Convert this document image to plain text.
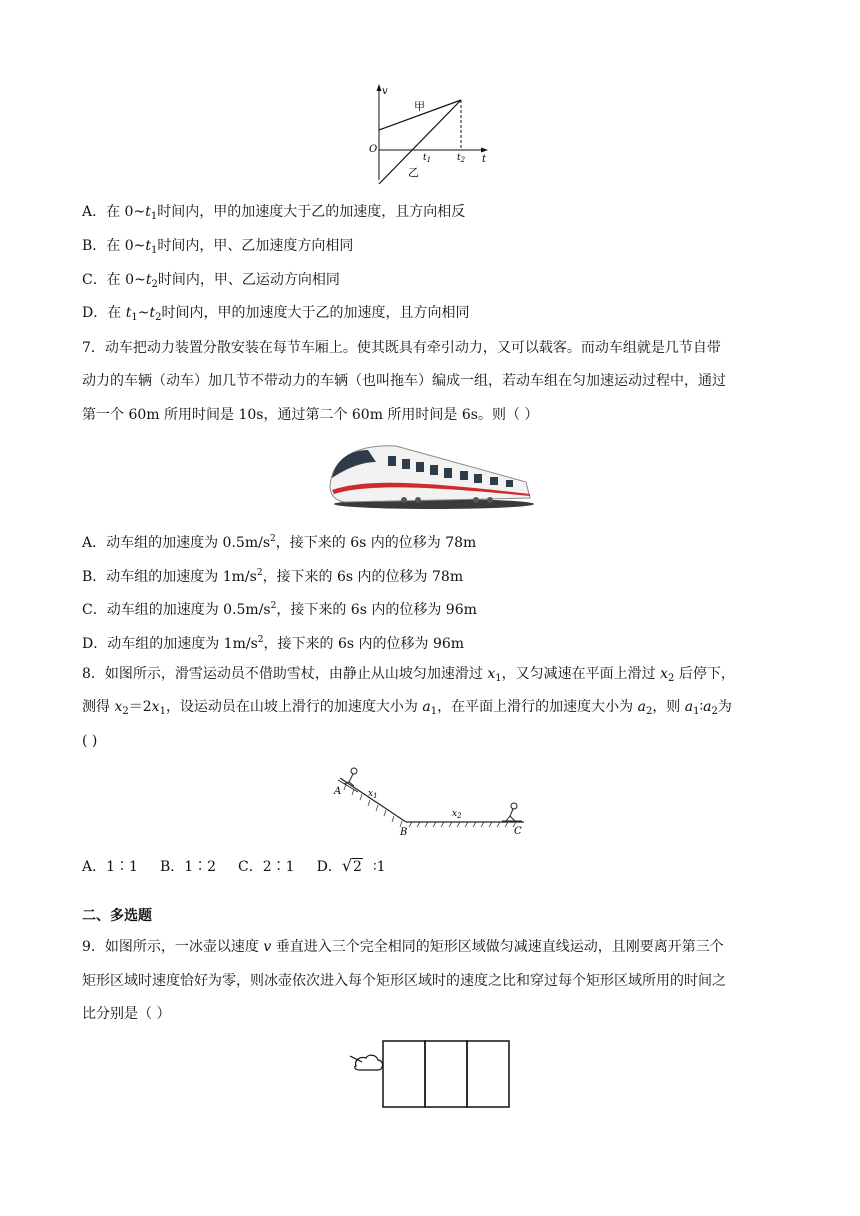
v
t
O
甲
乙
$t_1$	$t_2$
A．在 $0\sim t_1$时间内，甲的加速度大于乙的加速度，且方向相反
B．在 $0\sim t_1$时间内，甲、乙加速度方向相同
C．在 $0\sim t_2$时间内，甲、乙运动方向相同
D．在 $t_1\sim t_2$时间内，甲的加速度大于乙的加速度，且方向相同
7．动车把动力装置分散安装在每节车厢上。使其既具有牵引动力，又可以载客。而动车组就是几节自带
动力的车辆（动车）加几节不带动力的车辆（也叫拖车）编成一组，若动车组在匀加速运动过程中，通过
第一个 60m 所用时间是 10s，通过第二个 60m 所用时间是 6s。则（ ）
A．动车组的加速度为 $0.5m/s^2$，接下来的 6s 内的位移为 78m
B．动车组的加速度为 $1m/s^2$，接下来的 6s 内的位移为 78m
C．动车组的加速度为 $0.5m/s^2$，接下来的 6s 内的位移为 96m
D．动车组的加速度为 $1m/s^2$，接下来的 6s 内的位移为 96m
8．如图所示，滑雪运动员不借助雪杖，由静止从山坡匀加速滑过 $x_1$，又匀减速在平面上滑过 $x_2$ 后停下，
测得 $x_2=2x_1$，设运动员在山坡上滑行的加速度大小为 $a_1$，在平面上滑行的加速度大小为 $a_2$，则 $a_1∶a_2$为
( )
A
B	C
$x_1$
$x_2$
A．1∶1 B．1∶2 C．2∶1 D．√2 ∶1
二、多选题
9．如图所示，一冰壶以速度 v 垂直进入三个完全相同的矩形区域做匀减速直线运动，且刚要离开第三个
矩形区域时速度恰好为零，则冰壶依次进入每个矩形区域时的速度之比和穿过每个矩形区域所用的时间之
比分别是（ ）
